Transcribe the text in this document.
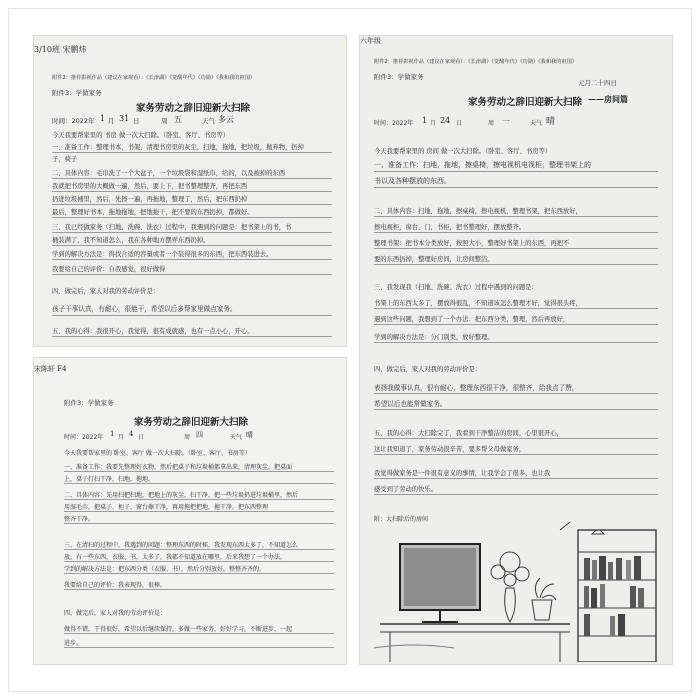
3/10班 宋鹏炜
附件2：推荐影视作品（建议在家观看）：《长津湖》《觉醒年代》《功勋》《我和我的祖国》
附件3：学做家务
家务劳动之辞旧迎新大扫除
时间：2022年 1 月 31 日	周 五	天气 多云
今天我要帮家里的 书房 做一次大扫除。（卧室、客厅、书房等）
一、准备工作：整理书本，书架，清理书房里的灰尘，扫地，拖地，把垃圾，抛弃物，扔掉
子，椅子
二、具体内容：毛巾洗了一个大盆子，一个垃圾袋和湿纸巾，给的，以及被掉的东西
我就把书房里的大概做一遍，然后，要上下，把书整理整齐，再把东西
扔进垃圾桶里，然后，先擦一遍，再拖地，整理了，然后，把东西扔掉
最后，整理好书本，拖地拖地，把地拖干，把不要的东西扔掉，都做好。
三、我已经做家务（扫地、洗碗、洗衣）过程中，我遇到的问题是：把书架上的书，书
桶装满了，我不知道怎么，我在各种地方摆弄东西扔掉。
学到的解决方法是：得找合适的容量或者一个装得很多的东西，把东西装进去。
我要给自己的评价：自我感觉，很好做得
四、做完后，家人对我的劳动评价是：
孩子干事认真，有耐心，很能干，希望以后多帮家里做点家务。
五、我的心得：我很开心，我觉得，很有成就感，也有一点小心，开心。
宋陈轩 F4
附件3：学做家务
家务劳动之辞旧迎新大扫除
时间：2022年 1 月 4 日	周 四	天气 晴
今天我要帮家里的 卧室、客厅 做一次大扫除。（卧室、客厅、书房等）
一、准备工作：我要先整理好衣物，然后把桌子和垃圾桶都拿出来，清理灰尘，把桌面
上，桌子打扫干净，扫地，拖地。
二、具体内容：先用扫把扫地，把地上的灰尘，扫干净，把一些垃圾扔进垃圾桶里，然后
用湿毛巾，把桌子、柜子、窗台擦干净，再用拖把把地，拖干净。把东西整理
整齐干净。
三、在清扫的过程中，我遇到的问题：整理东西的时候，我发现东西太多了，不知道怎么
放，有一些东西，衣服、书，太多了，我都不知道放在哪里，后来我想了一个办法，
学到的解决方法是：把东西分类（衣服、书），然后分别放好，整整齐齐的，
我要给自己的评价：我表现得，很棒。
四、做完后，家人对我的劳动评价是：
做得不错，干得很好，希望以后继续保持，多做一些家务，好好学习，不断进步，一起
进步。
六年级
附件2：推荐影视作品（建议在家观看）：《长津湖》《觉醒年代》《功勋》《我和我的祖国》
附件3：学做家务
元月二十四日
家务劳动之辞旧迎新大扫除 ——房间篇
时间：2022年 1 月 24 日	周 一	天气 晴
今天我要帮家里的 房间 做一次大扫除。（卧室、客厅、书房等）
一、准备工作：扫地，拖地，擦桌椅，擦电视机电视柜，整理书架上的
书以及各种摆放的东西。
二、具体内容：扫地，拖地，擦桌椅，擦电视机，整理书架，把东西放好，
擦电视柜，窗台，门，书柜，把书整理好，摆放整齐。
整理书架：把书本分类放好，按照大小，整理好书架上的东西，再把不
要的东西扔掉，整理好房间，让房间整洁。
三、我发现我（扫地、洗碗、洗衣）过程中遇到的问题是：
书架上的东西太多了，摆放得很乱，不知道该怎么整理才好，觉得很头疼，
遇到这些问题，我想到了一个办法：把东西分类，整理，然后再放好，
学到的解决方法是：分门别类，放好整理。
四、做完后，家人对我的劳动评价是：
表扬我做事认真，很有耐心，整理东西很干净，很整齐，给我点了赞，
希望以后也能常做家务。
五、我的心得：大扫除完了，我看到干净整洁的房间，心里很开心，
这让我知道了，家务劳动很辛苦，要多帮父母做家务，
我觉得做家务是一件很有意义的事情，让我学会了很多，也让我
感受到了劳动的快乐。
附：大扫除后的房间
